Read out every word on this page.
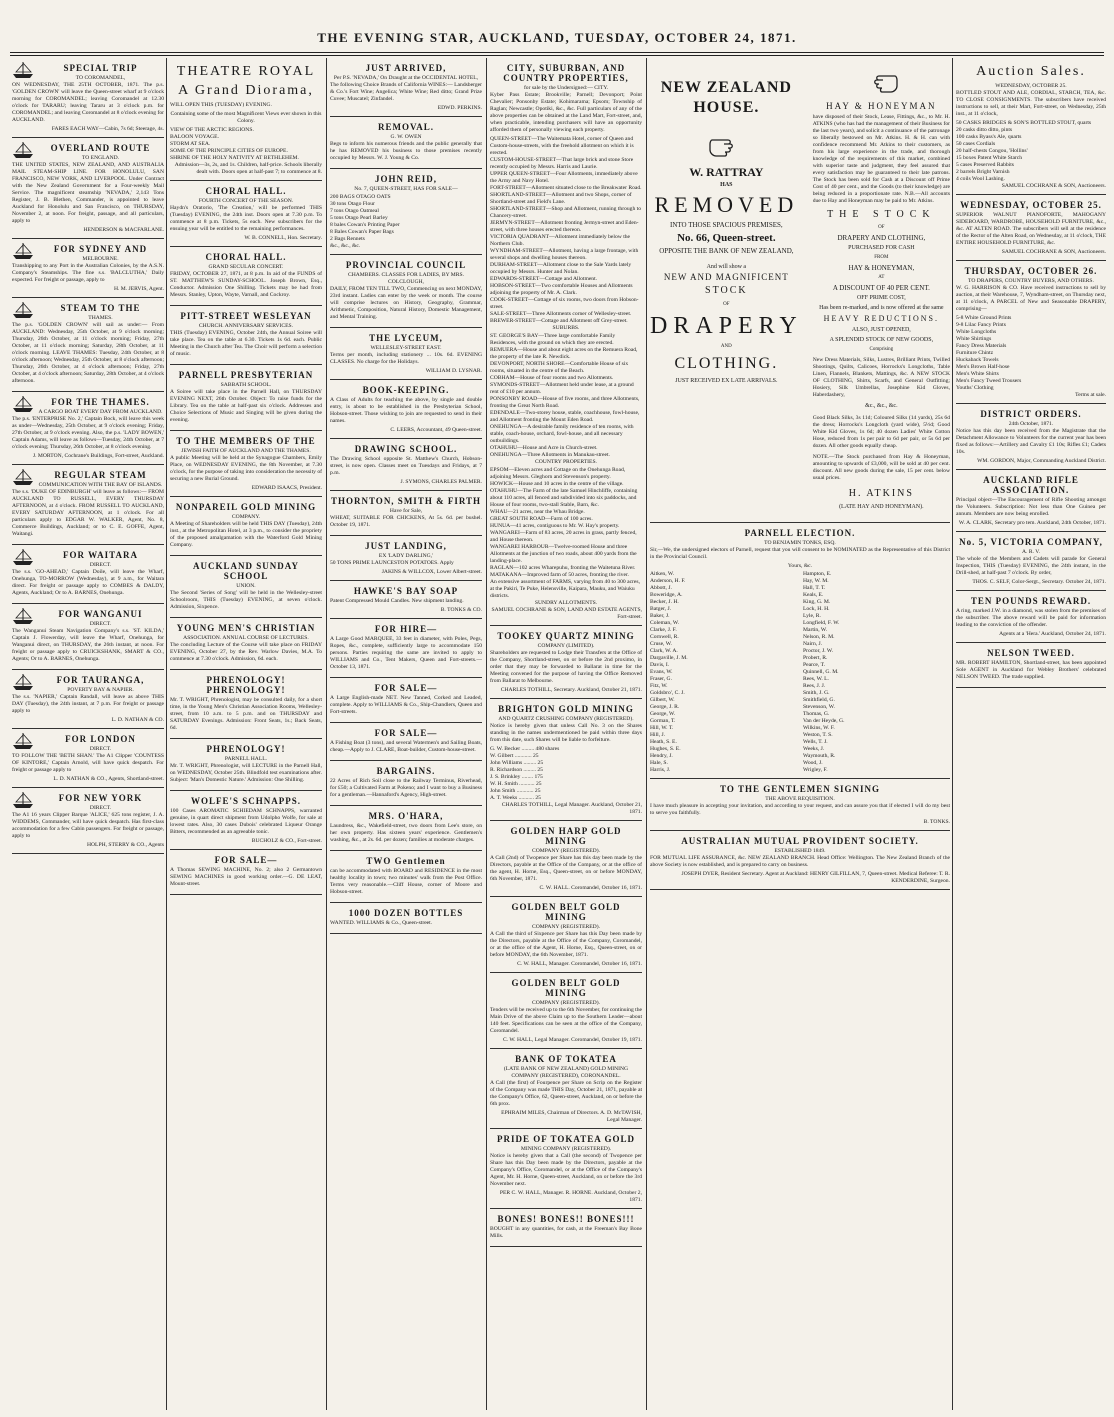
THE EVENING STAR, AUCKLAND, TUESDAY, OCTOBER 24, 1871.
SPECIAL TRIP
TO COROMANDEL,

ON WEDNESDAY, THE 25TH OCTOBER, 1871. The p.s. 'GOLDEN CROWN' will leave the Queen-street wharf at 9 o'clock morning for COROMANDEL; leaving Coromandel at 12.30 o'clock for TARARU; leaving Tararu at 3 o'clock p.m. for COROMANDEL; and leaving Coromandel at 8 o'clock evening for AUCKLAND.

FARES EACH WAY—Cabin, 7s 6d; Steerage, 4s.
OVERLAND ROUTE
TO ENGLAND.

THE UNITED STATES, NEW ZEALAND, AND AUSTRALIA MAIL STEAM-SHIP LINE. FOR HONOLULU, SAN FRANCISCO, NEW YORK, AND LIVERPOOL. Under Contract with the New Zealand Government for a Four-weekly Mail Service. The magnificent steamship 'NEVADA,' 2,143 Tons Register, J. B. Blethen, Commander, is appointed to leave Auckland for Honolulu and San Francisco, on THURSDAY, November 2, at noon. For freight, passage, and all particulars, apply to

HENDERSON & MACFARLANE.
FOR SYDNEY AND
MELBOURNE.

Transhipping to any Port in the Australian Colonies, by the A.S.N. Company's Steamships. The fine s.s. 'BALCLUTHA,' Daily expected. For freight or passage, apply to

H. M. JERVIS, Agent.
STEAM TO THE
THAMES.

The p.s. 'GOLDEN CROWN' will sail as under:— From AUCKLAND: Wednesday, 25th October, at 9 o'clock morning; Thursday, 26th October, at 11 o'clock morning; Friday, 27th October, at 11 o'clock morning; Saturday, 28th October, at 11 o'clock morning. LEAVE THAMES: Tuesday, 24th October, at 8 o'clock afternoon; Wednesday, 25th October, at 8 o'clock afternoon; Thursday, 26th October, at 4 o'clock afternoon; Friday, 27th October, at 4 o'clock afternoon; Saturday, 28th October, at 4 o'clock afternoon.

FOR THE THAMES.
A CARGO BOAT EVERY DAY FROM AUCKLAND.

The p.s. 'ENTERPRISE No. 2,' Captain Bock, will leave this week as under—Wednesday, 25th October, at 9 o'clock evening; Friday, 27th October, at 9 o'clock evening. Also, the p.s. 'LADY BOWEN,' Captain Adams, will leave as follows—Tuesday, 24th October, at 7 o'clock evening; Thursday, 26th October, at 8 o'clock evening.

J. MORTON, Cochrane's Buildings, Fort-street, Auckland.
REGULAR STEAM
COMMUNICATION WITH THE BAY OF ISLANDS.

The s.s. 'DUKE OF EDINBURGH' will leave as follows:— FROM AUCKLAND TO RUSSELL, EVERY THURSDAY AFTERNOON, at 4 o'clock. FROM RUSSELL TO AUCKLAND, EVERY SATURDAY AFTERNOON, at 1 o'clock. For all particulars apply to EDGAR W. WALKER, Agent, No. 8, Commerce Buildings, Auckland; or to C. E. GOFFE, Agent, Waitangi.

FOR WAITARA
DIRECT.

The s.s. 'GO-AHEAD,' Captain Doile, will leave the Wharf, Onehunga, TO-MORROW (Wednesday), at 9 a.m., for Waitara direct. For freight or passage apply to COMBES & DALDY, Agents, Auckland; Or to A. BARNES, Onehunga.

FOR WANGANUI
DIRECT.

The Wanganui Steam Navigation Company's s.s. 'ST. KILDA,' Captain J. Flowerday, will leave the Wharf, Onehunga, for Wanganui direct, on THURSDAY, the 26th instant, at noon. For freight or passage apply to CRUICKSHANK, SMART & CO., Agents; Or to A. BARNES, Onehunga.

FOR TAURANGA,
POVERTY BAY & NAPIER.

The s.s. 'NAPIER,' Captain Randall, will leave as above THIS DAY (Tuesday), the 24th instant, at 7 p.m. For freight or passage apply to

L. D. NATHAN & CO.
FOR LONDON
DIRECT.

TO FOLLOW THE 'BETH SHAN.' The A1 Clipper 'COUNTESS OF KINTORE,' Captain Arnold, will have quick despatch. For freight or passage apply to

L. D. NATHAN & CO., Agents, Shortland-street.
FOR NEW YORK
DIRECT.

The A1 16 years Clipper Barque 'ALICE,' 625 tons register, J. A. WIDDEMS, Commander, will have quick despatch. Has first-class accommodation for a few Cabin passengers. For freight or passage, apply to

HOLPH, STERRY & CO., Agents
THEATRE ROYAL
A Grand Diorama,

WILL OPEN THIS (TUESDAY) EVENING.

Containing some of the most Magnificent Views ever shown in this Colony.

VIEW OF THE ARCTIC REGIONS.
BALOON VOYAGE.
STORM AT SEA.
SOME OF THE PRINCIPLE CITIES OF EUROPE.
SHRINE OF THE HOLY NATIVITY AT BETHLEHEM.
Admission—3s, 2s, and 1s. Children, half-price. Schools liberally dealt with. Doors open at half-past 7; to commence at 8.
CHORAL HALL.
FOURTH CONCERT OF THE SEASON.

Haydn's Oratorio, 'The Creation,' will be performed THIS (Tuesday) EVENING, the 24th inst. Doors open at 7.30 p.m. To commence at 8 p.m. Tickets, 5s each. New subscribers for the ensuing year will be entitled to the remaining performances.

W. B. CONNELL, Hon. Secretary.
CHORAL HALL.
GRAND SECULAR CONCERT.

FRIDAY, OCTOBER 27, 1871, at 8 p.m. In aid of the FUNDS of ST. MATTHEW'S SUNDAY-SCHOOL. Joseph Brown, Esq., Conductor. Admission One Shilling. Tickets may be had from Messrs. Stanley, Upton, Wayte, Varnall, and Cockroy.

PITT-STREET WESLEYAN
CHURCH. ANNIVERSARY SERVICES.

THIS (Tuesday) EVENING, October 24th, the Annual Soiree will take place. Tea on the table at 6.30. Tickets 1s 6d. each. Public Meeting in the Church after Tea. The Choir will perform a selection of music.

PARNELL PRESBYTERIAN
SABBATH SCHOOL.

A Soiree will take place in the Parnell Hall, on THURSDAY EVENING NEXT, 26th October. Object: To raise funds for the Library. Tea on the table at half-past six o'clock. Addresses and Choice Selections of Music and Singing will be given during the evening.

TO THE MEMBERS OF THE
JEWISH FAITH OF AUCKLAND AND THE THAMES.

A public Meeting will be held at the Synagogue Chambers, Emily Place, on WEDNESDAY EVENING, the 8th November, at 7.30 o'clock, for the purpose of taking into consideration the necessity of securing a new Burial Ground.

EDWARD ISAACS, President.
NONPAREIL GOLD MINING
COMPANY.

A Meeting of Shareholders will be held THIS DAY (Tuesday), 24th inst., at the Metropolitan Hotel, at 3 p.m., to consider the propriety of the proposed amalgamation with the Waterford Gold Mining Company.

AUCKLAND SUNDAY SCHOOL
UNION.

The Second 'Series of Song' will be held in the Wellesley-street Schoolroom, THIS (Tuesday) EVENING, at seven o'clock. Admission, Sixpence.

YOUNG MEN'S CHRISTIAN
ASSOCIATION. ANNUAL COURSE OF LECTURES.

The concluding Lecture of the Course will take place on FRIDAY EVENING, October 27, by the Rev. Warlow Davies, M.A. To commence at 7.30 o'clock. Admission, 6d. each.

PHRENOLOGY! PHRENOLOGY!

Mr. T. WRIGHT, Phrenologist, may be consulted daily, for a short time, in the Young Men's Christian Association Rooms, Wellesley-street, from 10 a.m. to 5 p.m. and on THURSDAY and SATURDAY Evenings. Admission: Front Seats, 1s.; Back Seats, 6d.

PHRENOLOGY!
PARNELL HALL.

Mr. T. WRIGHT, Phrenologist, will LECTURE in the Parnell Hall, on WEDNESDAY, October 25th. Blindfold test examinations after. Subject: 'Man's Domestic Nature.' Admission: One Shilling.

WOLFE'S SCHNAPPS.

100 Cases AROMATIC SCHIEDAM SCHNAPPS, warranted genuine, in quart direct shipment from Udolpho Wolfe, for sale at lowest rates. Also, 30 cases Dubois' celebrated Liqueur Orange Bitters, recommended as an agreeable tonic.

BUCHOLZ & CO., Fort-street.
FOR SALE—

A Thomas SEWING MACHINE, No. 2; also 2 Germantown SEWING MACHINES in good working order.—G. DE LEAT, Mount-street.

JUST ARRIVED,
Per P.S. 'NEVADA,' On Draught at the OCCIDENTAL HOTEL,

The following Choice Brands of California WINES:— Landsberger & Co.'s Fort Wine; Angelica; White Wine; Red ditto; Grand Prize Cuvee; Muscatel; Zinfandel.

EDWD. PERKINS.
REMOVAL.
G. W. OWEN

Begs to inform his numerous friends and the public generally that he has REMOVED his business to those premises recently occupied by Messrs. W. J. Young & Co.

JOHN REID,
No. 7, QUEEN-STREET, HAS FOR SALE—
200 BAGS OTAGO OATS
30 tons Otago Flour
7 tons Otago Oatmeal
5 tons Otago Pearl Barley
8 bales Cowan's Printing Paper
8 Bales Cowan's Paper Bags
2 Bags Rennets
&c., &c., &c.
PROVINCIAL COUNCIL
CHAMBERS. CLASSES FOR LADIES, BY MRS. COLCLOUGH,

DAILY, FROM TEN TILL TWO, Commencing on next MONDAY, 23rd instant. Ladies can enter by the week or month. The course will comprise lectures on History, Geography, Grammar, Arithmetic, Composition, Natural History, Domestic Management, and Mental Training.

THE LYCEUM,
WELLESLEY-STREET EAST.

Terms per month, including stationery ... 10s. 6d. EVENING CLASSES. No charge for the Holidays.

WILLIAM D. LYSNAR.
BOOK-KEEPING.

A Class of Adults for teaching the above, by single and double entry, is about to be established in the Presbyterian School, Hobson-street. Those wishing to join are requested to send in their names.

C. LEERS, Accountant, 49 Queen-street.
DRAWING SCHOOL.

The Drawing School opposite St. Matthew's Church, Hobson-street, is now open. Classes meet on Tuesdays and Fridays, at 7 p.m.

J. SYMONS, CHARLES PALMER.
THORNTON, SMITH & FIRTH
Have for Sale,

WHEAT, SUITABLE FOR CHICKENS, At 5s. 6d. per bushel. October 19, 1871.

JUST LANDING,
EX 'LADY DARLING,'

50 TONS PRIME LAUNCESTON POTATOES. Apply

JAKINS & WILLCOX, Lower Albert-street.
HAWKE'S BAY SOAP

Patent Compressed Mould Candles. New shipment landing.

B. TONKS & CO.
FOR HIRE—

A Large Good MARQUEE, 33 feet in diameter, with Poles, Pegs, Ropes, &c., complete, sufficiently large to accommodate 150 persons. Parties requiring the same are invited to apply to WILLIAMS and Co., Tent Makers, Queen and Fort-streets.—October 13, 1871.

FOR SALE—

A Large English-made NET. New Tanned, Corked and Leaded, complete. Apply to WILLIAMS & Co., Ship-Chandlers, Queen and Fort-streets.

FOR SALE—

A Fishing Boat (3 tons), and several Watermen's and Sailing Boats, cheap.—Apply to J. CLARE, Boat-builder, Custom-house-street.

BARGAINS.

22 Acres of Rich Soil close to the Railway Terminus, Riverhead, for £50; a Cultivated Farm at Pokeno; and I want to buy a Business for a gentleman.—Hannaford's Agency, High-street.

MRS. O'HARA,

Laundress, &c., Wakefield-street, two doors from Lee's store, on her own property. Has sixteen years' experience. Gentlemen's washing, &c., at 2s. 6d. per dozen; families at moderate charges.

TWO Gentlemen

can be accommodated with BOARD and RESIDENCE in the most healthy locality in town; two minutes' walk from the Post Office. Terms very reasonable.—Cliff House, corner of Moore and Hobson-street.

1000 DOZEN BOTTLES

WANTED. WILLIAMS & Co., Queen-street.

CITY, SUBURBAN, AND COUNTRY PROPERTIES,
for sale by the Undersigned:— CITY.

Kyber Pass Estate; Brookville; Parnell; Devonport; Point Chevalier; Ponsonby Estate; Kohimarama; Epsom; Township of Raglan; Newcastle; Opotiki, &c., &c. Full particulars of any of the above properties can be obtained at the Land Mart, Fort-street, and, when practicable, intending purchasers will have an opportunity afforded them of personally viewing each property.

QUEEN-STREET—The Waitemata Hotel, corner of Queen and Custom-house-streets, with the freehold allotment on which it is erected.
CUSTOM-HOUSE-STREET—That large brick and stone Store recently occupied by Messrs. Harris and Laurie.
UPPER QUEEN-STREET—Four Allotments, immediately above the Army and Navy Hotel.
FORT-STREET—Allotment situated close to the Breakwater Road.
SHORTLAND-STREET—Allotment and two Shops, corner of Shortland-street and Field's Lane.
SHORTLAND-STREET—Shop and Allotment, running through to Chancery-street.
JERMYN-STREET—Allotment fronting Jermyn-street and Eden-street, with three houses erected thereon.
VICTORIA QUADRANT—Allotment immediately below the Northern Club.
WYNDHAM-STREET—Allotment, having a large frontage, with several shops and dwelling houses thereon.
DURHAM-STREET—Allotment close to the Sale Yards lately occupied by Messrs. Hunter and Nolan.
EDWARDS-STREET—Cottage and Allotment.
HOBSON-STREET—Two comfortable Houses and Allotments adjoining the property of Mr. A. Clark.
COOK-STREET—Cottage of six rooms, two doors from Hobson-street.
SALE-STREET—Three Allotments corner of Wellesley-street.
BREWER-STREET—Cottage and Allotment off Grey-street.
SUBURBS.
ST. GEORGE'S BAY—Three large comfortable Family Residences, with the ground on which they are erected.
REMUERA—House and about eight acres on the Remuera Road, the property of the late R. Newdick.
DEVONPORT, NORTH SHORE—Comfortable House of six rooms, situated in the centre of the Beach.
COBHAM—House of four rooms and two Allotments.
SYMONDS-STREET—Allotment held under lease, at a ground rent of £10 per annum.
PONSONBY ROAD—House of five rooms, and three Allotments, fronting the Great North Road.
EDENDALE—Two-storey house, stable, coachhouse, fowl-house, and Allotment fronting the Mount Eden Road.
ONEHUNGA—A desirable family residence of ten rooms, with stable, coach-house, orchard, fowl-house, and all necessary outbuildings.
OTAHUHU—House and Acre in Church-street.
ONEHUNGA—Three Allotments in Manukau-street.
COUNTRY PROPERTIES.
EPSOM—Eleven acres and Cottage on the Onehunga Road, adjoining Messrs. Gleghorn and Stevenson's property.
HOWICK—House and 10 acres in the centre of the village.
OTAHUHU—The Farm of the late Samuel Hinchliffe, containing about 110 acres, all fenced and subdivided into six paddocks, and House of four rooms, two-stall Stable, Barn, &c.
WHAU—21 acres, near the Whau Bridge.
GREAT SOUTH ROAD—Farm of 100 acres.
HUNUA—41 acres, contiguous to Mr. W. Hay's property.
WANGAREI—Farm of 83 acres, 20 acres in grass, partly fenced, and House thereon.
WANGAREI HARBOUR—Twelve-roomed House and three Allotments at the junction of two roads, about 400 yards from the landing-place.
RAGLAN—102 acres Wharepuhu, fronting the Waitetuna River.
MATAKANA—Improved farm of 50 acres, fronting the river.
An extensive assortment of FARMS, varying from 40 to 300 acres, at the Pakiri, Te Puke, Helensville, Kaipara, Mauku, and Waiuku districts.
SUNDRY ALLOTMENTS.
SAMUEL COCHRANE & SON, LAND AND ESTATE AGENTS, Fort-street.
TOOKEY QUARTZ MINING
COMPANY (LIMITED).

Shareholders are requested to Lodge their Transfers at the Office of the Company, Shortland-street, on or before the 2nd proximo, in order that they may be forwarded to Ballarat in time for the Meeting convened for the purpose of having the Office Removed from Ballarat to Melbourne.

CHARLES TOTHILL, Secretary. Auckland, October 21, 1871.
BRIGHTON GOLD MINING
AND QUARTZ CRUSHING COMPANY (REGISTERED).

Notice is hereby given that unless Call No. 3 on the Shares standing in the names undermentioned be paid within three days from this date, such Shares will be liable to forfeiture.

G. W. Becker ......... 480 shares
W. Gilbert ............ 25
John Williams ......... 25
R. Richardson ......... 25
J. S. Brinkley ........ 175
W. H. Smith ........... 25
John Smith ............ 25
A. T. Weeks ........... 25
CHARLES TOTHILL, Legal Manager. Auckland, October 21, 1871.
GOLDEN HARP GOLD MINING
COMPANY (REGISTERED).

A Call (2nd) of Twopence per Share has this day been made by the Directors, payable at the Office of the Company, or at the office of the agent, H. Horne, Esq., Queen-street, on or before MONDAY, 6th November, 1871.

C. W. HALL. Coromandel, October 16, 1871.
GOLDEN BELT GOLD MINING
COMPANY (REGISTERED).

A Call the third of Sixpence per Share has this Day been made by the Directors, payable at the Office of the Company, Coromandel, or at the office of the Agent, H. Horne, Esq., Queen-street, on or before MONDAY, the 6th November, 1871.

C. W. HALL, Manager. Coromandel, October 16, 1871.
GOLDEN BELT GOLD MINING
COMPANY (REGISTERED).

Tenders will be received up to the 6th November, for continuing the Main Drive of the above Claim up to the Southern Leader—about 140 feet. Specifications can be seen at the office of the Company, Coromandel.

C. W. HALL, Legal Manager. Coromandel, October 19, 1871.
BANK OF TOKATEA
(LATE BANK OF NEW ZEALAND) GOLD MINING COMPANY (REGISTERED), CORONANDEL.

A Call (the first) of Fourpence per Share on Scrip on the Register of the Company was made THIS Day, October 21, 1871, payable at the Company's Office, 62, Queen-street, Auckland, on or before the 6th prox.

EPHRAIM MILES, Chairman of Directors. A. D. McTAVISH, Legal Manager.
PRIDE OF TOKATEA GOLD
MINING COMPANY (REGISTERED).

Notice is hereby given that a Call (the second) of Twopence per Share has this Day been made by the Directors, payable at the Company's Office, Coromandel, or at the Office of the Company's Agent, Mr. H. Horne, Queen-street, Auckland, on or before the 3rd November next.

PER C. W. HALL, Manager. R. HORNE. Auckland, October 2, 1871.
BONES! BONES!! BONES!!!

BOUGHT in any quantities, for cash, at the Freeman's Bay Bone Mills.

NEW ZEALAND HOUSE.
W. RATTRAY
HAS
REMOVED
INTO THOSE SPACIOUS PREMISES,
No. 66, Queen-street.
OPPOSITE THE BANK OF NEW ZEALAND,
And will show a
NEW AND MAGNIFICENT
STOCK
OF
DRAPERY
AND
CLOTHING.
JUST RECEIVED EX LATE ARRIVALS.
HAY & HONEYMAN

have disposed of their Stock, Lease, Fittings, &c., to Mr. H. ATKINS (who has had the management of their Business for the last two years), and solicit a continuance of the patronage so liberally bestowed on Mr. Atkins. H. & H. can with confidence recommend Mr. Atkins to their customers, as from his large experience in the trade, and thorough knowledge of the requirements of this market, combined with superior taste and judgment, they feel assured that every satisfaction may be guaranteed to their late patrons. The Stock has been sold for Cash at a Discount off Prime Cost of 40 per cent., and the Goods (to their knowledge) are being reduced in a proportionate rate. N.B.—All accounts due to Hay and Honeyman may be paid to Mr. Atkins.

THE STOCK
OF
DRAPERY AND CLOTHING,
PURCHASED FOR CASH
FROM
HAY & HONEYMAN,
AT
A DISCOUNT OF 40 PER CENT.
OFF PRIME COST,
Has been re-marked, and is now offered at the same
HEAVY REDUCTIONS.
ALSO, JUST OPENED,
A SPLENDID STOCK OF NEW GOODS,
Comprising

New Dress Materials, Silks, Lustres, Brilliant Prints, Twilled Shootings, Quilts, Calicoes, Horrocks's Longcloths, Table Linen, Flannels, Blankets, Mattings, &c. A NEW STOCK OF CLOTHING, Shirts, Scarfs, and General Outfitting; Hosiery, Silk Umbrellas, Josephine Kid Gloves, Haberdashery,

&c., &c., &c.

Good Black Silks, 3s 11d; Coloured Silks (14 yards), 25s 6d the dress; Horrocks's Longcloth (yard wide), 5½d; Good White Kid Gloves, 1s 6d; 40 dozen Ladies' White Cotton Hose, reduced from 1s per pair to 6d per pair, or 5s 6d per dozen. All other goods equally cheap.

NOTE.—The Stock purchased from Hay & Honeyman, amounting to upwards of £3,000, will be sold at 40 per cent. discount. All new goods during the sale, 15 per cent. below usual prices.

H. ATKINS
(LATE HAY AND HONEYMAN).
PARNELL ELECTION.
TO BENJAMIN TONKS, ESQ.

Sir,—We, the undersigned electors of Parnell, request that you will consent to be NOMINATED as the Representative of this District in the Provincial Council.

Yours, &c.
Aitken, W.
Anderson, H. F.
Abbott, J.
Boweridge, A.
Becker, J. H.
Batger, J.
Baker, J.
Coleman, W.
Clarke, J. F.
Cornwell, R.
Cruse, W.
Clark, W. A.
Dargaville, J. M.
Davis, I.
Evans, W.
Fraser, G.
Fitz, W.
Goldsbro', C. J.
Gilbert, W.
George, J. R.
George, W.
Gorman, T.
Hill, W. T.
Hill, J.
Heath, S. E.
Hughes, S. E.
Hendry, J.
Hale, S.
Harris, J.
Hampton, E.
Hay, W. M.
Hall, T. T.
Keals, E.
King, G. M.
Lock, H. H.
Lyle, R.
Longfield, F. W.
Martin, W.
Nelson, R. M.
Nairn, J.
Proctor, J. W.
Probert, R.
Pearce, T.
Quinnell, G. M.
Rees, W. L.
Rees, J. J.
Smith, J. G.
Smithfield, G.
Stevenson, W.
Thomas, G.
Van der Heyde, G.
Wilkins, W. F.
Weston, T. S.
Wells, T. J.
Weeks, J.
Waymouth, R.
Wood, J.
Wrigley, F.
TO THE GENTLEMEN SIGNING
THE ABOVE REQUISITION.

I have much pleasure in accepting your invitation, and according to your request, and can assure you that if elected I will do my best to serve you faithfully.

B. TONKS.
AUSTRALIAN MUTUAL PROVIDENT SOCIETY.
ESTABLISHED 1849.

FOR MUTUAL LIFE ASSURANCE, &c. NEW ZEALAND BRANCH. Head Office: Wellington. The New Zealand Branch of the above Society is now established, and is prepared to carry on business.

JOSEPH DYER, Resident Secretary. Agent at Auckland: HENRY GILFILLAN, 7, Queen-street. Medical Referee: T. R. KENDERDINE, Surgeon.
Auction Sales.
WEDNESDAY, OCTOBER 25.

BOTTLED STOUT AND ALE, CORDIAL, STARCH, TEA, &c. TO CLOSE CONSIGNMENTS. The subscribers have received instructions to sell, at their Mart, Fort-street, on Wednesday, 25th inst., at 11 o'clock,

50 CASKS BRIDGES & SON'S BOTTLED STOUT, quarts
20 casks ditto ditto, pints
100 casks Byass's Ale, quarts
50 cases Cordials
20 half-chests Congou, 'Hollins'
15 boxes Patent White Starch
5 cases Preserved Rabbits
2 barrels Bright Varnish
4 coils Wool Lashing.
SAMUEL COCHRANE & SON, Auctioneers.
WEDNESDAY, OCTOBER 25.

SUPERIOR WALNUT PIANOFORTE, MAHOGANY SIDEBOARD, WARDROBE, HOUSEHOLD FURNITURE, &c., &c. AT ALTEN ROAD. The subscribers will sell at the residence of the Rector of the Alten Road, on Wednesday, at 11 o'clock, THE ENTIRE HOUSEHOLD FURNITURE, &c.

SAMUEL COCHRANE & SON, Auctioneers.
THURSDAY, OCTOBER 26.
TO DRAPERS, COUNTRY BUYERS, AND OTHERS.

W. G. HARRISON & CO. Have received instructions to sell by auction, at their Warehouse, 7, Wyndham-street, on Thursday next, at 11 o'clock, A PARCEL of New and Seasonable DRAPERY, comprising—

5-8 White Ground Prints
9-8 Lilac Fancy Prints
White Longcloths
White Shirtings
Fancy Dress Materials
Furniture Chintz
Huckaback Towels
Men's Brown Half-hose
Men's White Shirts
Men's Fancy Tweed Trousers
Youths' Clothing
Terms at sale.
DISTRICT ORDERS.
24th October, 1871.

Notice has this day been received from the Magistrate that the Detachment Allowance to Volunteers for the current year has been fixed as follows:—Artillery and Cavalry £1 10s; Rifles £1; Cadets 10s.

WM. GORDON, Major, Commanding Auckland District.
AUCKLAND RIFLE ASSOCIATION.

Principal object—The Encouragement of Rifle Shooting amongst the Volunteers. Subscription: Not less than One Guinea per annum. Members are now being enrolled.

W. A. CLARK, Secretary pro tem. Auckland, 24th October, 1871.
No. 5, VICTORIA COMPANY,
A. R. V.

The whole of the Members and Cadets will parade for General Inspection, THIS (Tuesday) EVENING, the 24th instant, in the Drill-shed, at half-past 7 o'clock. By order,

THOS. C. SELF, Color-Sergt., Secretary. October 24, 1871.
TEN POUNDS REWARD.

A ring, marked J.W. in a diamond, was stolen from the premises of the subscriber. The above reward will be paid for information leading to the conviction of the offender.

Agents at a 'Hera.' Auckland, October 24, 1871.
NELSON TWEED.

MR. ROBERT HAMILTON, Shortland-street, has been appointed Sole AGENT in Auckland for Webley Brothers' celebrated NELSON TWEED. The trade supplied.
